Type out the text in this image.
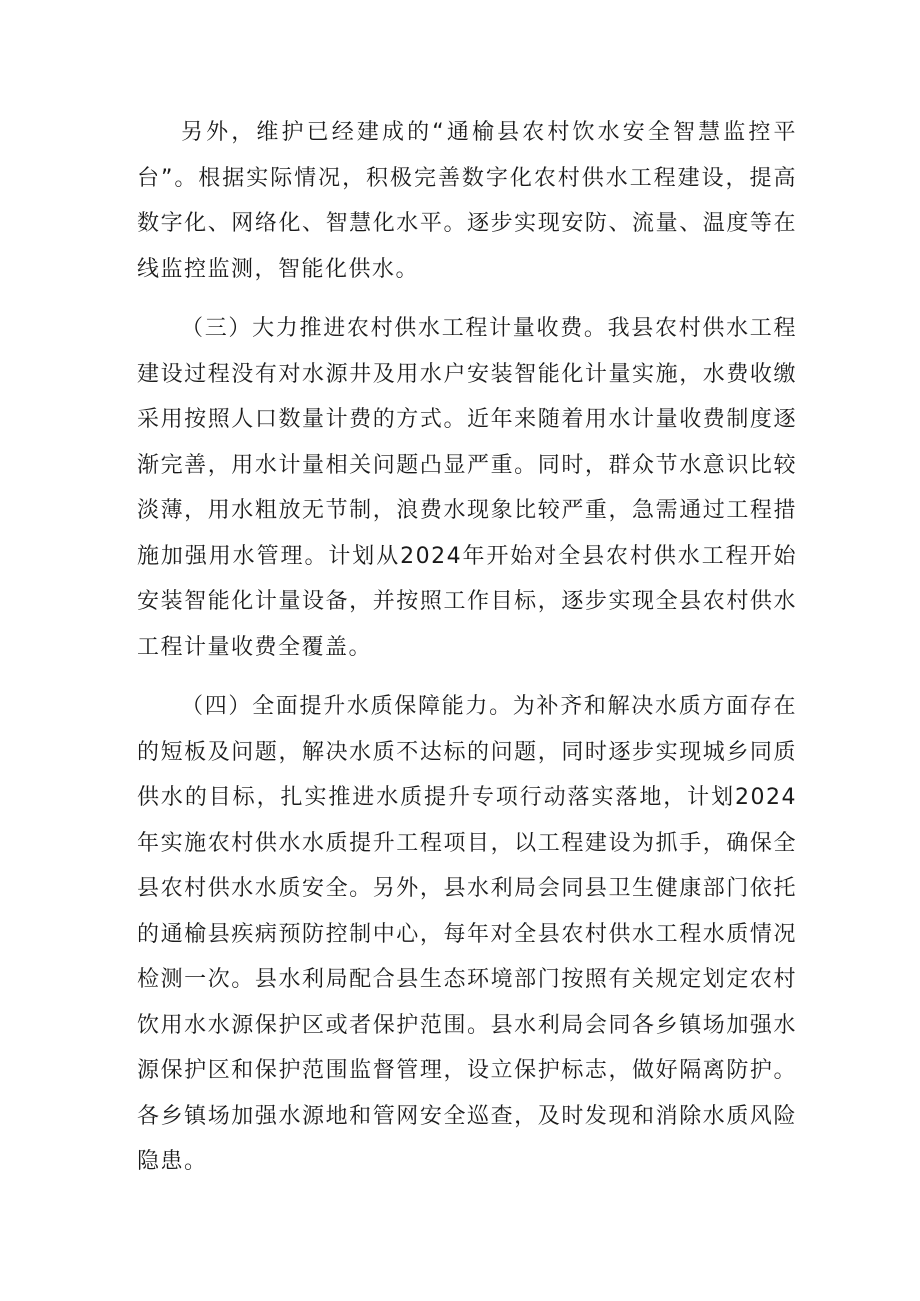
另外，维护已经建成的“通榆县农村饮水安全智慧监控平台”。根据实际情况，积极完善数字化农村供水工程建设，提高数字化、网络化、智慧化水平。逐步实现安防、流量、温度等在线监控监测，智能化供水。

（三）大力推进农村供水工程计量收费。我县农村供水工程建设过程没有对水源井及用水户安装智能化计量实施，水费收缴采用按照人口数量计费的方式。近年来随着用水计量收费制度逐渐完善，用水计量相关问题凸显严重。同时，群众节水意识比较淡薄，用水粗放无节制，浪费水现象比较严重，急需通过工程措施加强用水管理。计划从2024年开始对全县农村供水工程开始安装智能化计量设备，并按照工作目标，逐步实现全县农村供水工程计量收费全覆盖。

（四）全面提升水质保障能力。为补齐和解决水质方面存在的短板及问题，解决水质不达标的问题，同时逐步实现城乡同质供水的目标，扎实推进水质提升专项行动落实落地，计划2024年实施农村供水水质提升工程项目，以工程建设为抓手，确保全县农村供水水质安全。另外，县水利局会同县卫生健康部门依托的通榆县疾病预防控制中心，每年对全县农村供水工程水质情况检测一次。县水利局配合县生态环境部门按照有关规定划定农村饮用水水源保护区或者保护范围。县水利局会同各乡镇场加强水源保护区和保护范围监督管理，设立保护标志，做好隔离防护。各乡镇场加强水源地和管网安全巡查，及时发现和消除水质风险隐患。
